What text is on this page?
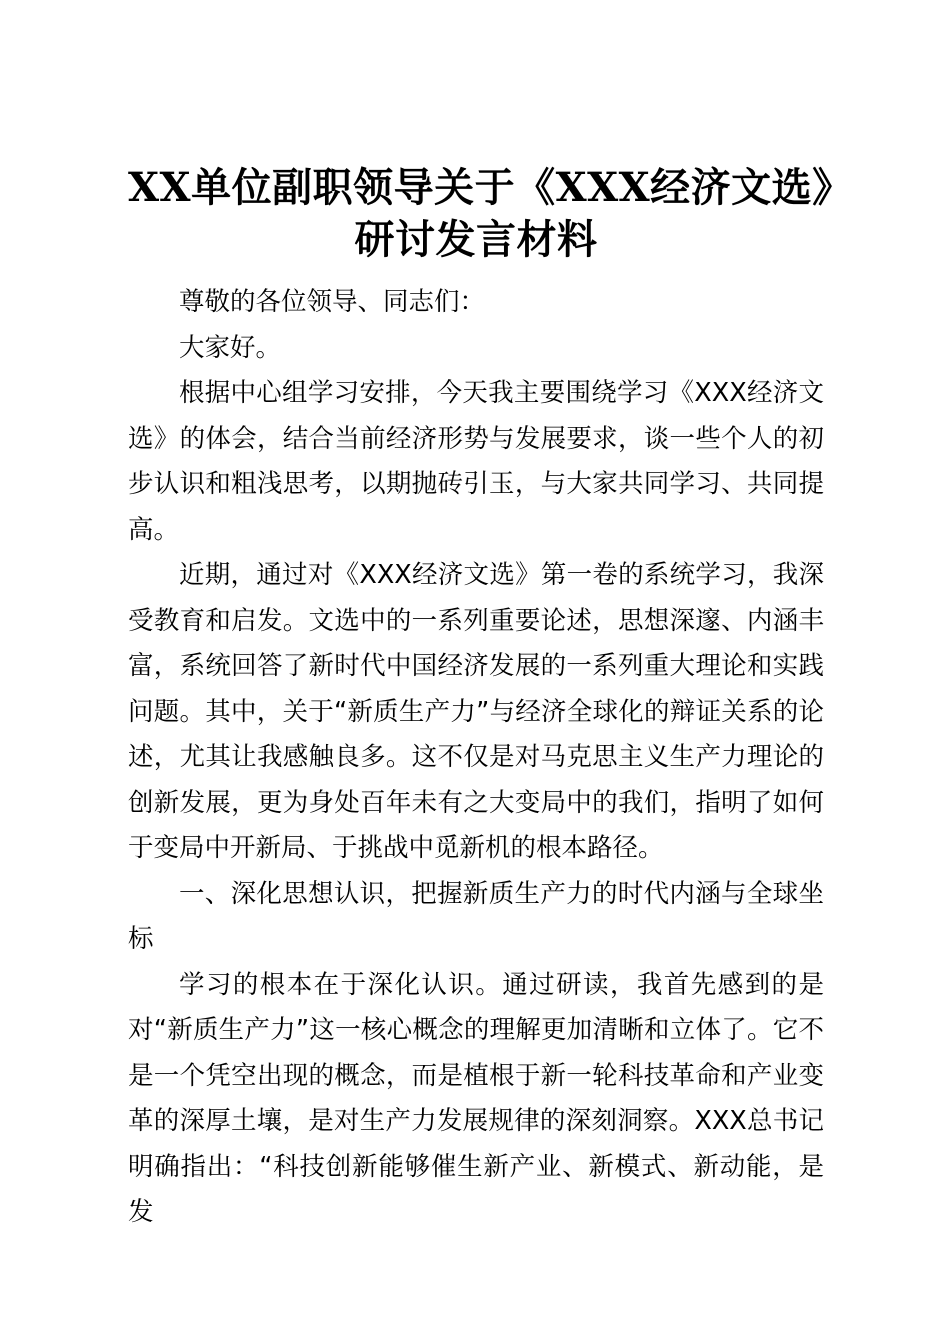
XX单位副职领导关于《XXX经济文选》
研讨发言材料

尊敬的各位领导、同志们：

大家好。

根据中心组学习安排，今天我主要围绕学习《XXX经济文选》的体会，结合当前经济形势与发展要求，谈一些个人的初步认识和粗浅思考，以期抛砖引玉，与大家共同学习、共同提高。

近期，通过对《XXX经济文选》第一卷的系统学习，我深受教育和启发。文选中的一系列重要论述，思想深邃、内涵丰富，系统回答了新时代中国经济发展的一系列重大理论和实践问题。其中，关于“新质生产力”与经济全球化的辩证关系的论述，尤其让我感触良多。这不仅是对马克思主义生产力理论的创新发展，更为身处百年未有之大变局中的我们，指明了如何于变局中开新局、于挑战中觅新机的根本路径。

一、深化思想认识，把握新质生产力的时代内涵与全球坐标

学习的根本在于深化认识。通过研读，我首先感到的是对“新质生产力”这一核心概念的理解更加清晰和立体了。它不是一个凭空出现的概念，而是植根于新一轮科技革命和产业变革的深厚土壤，是对生产力发展规律的深刻洞察。XXX总书记明确指出：“科技创新能够催生新产业、新模式、新动能，是发
